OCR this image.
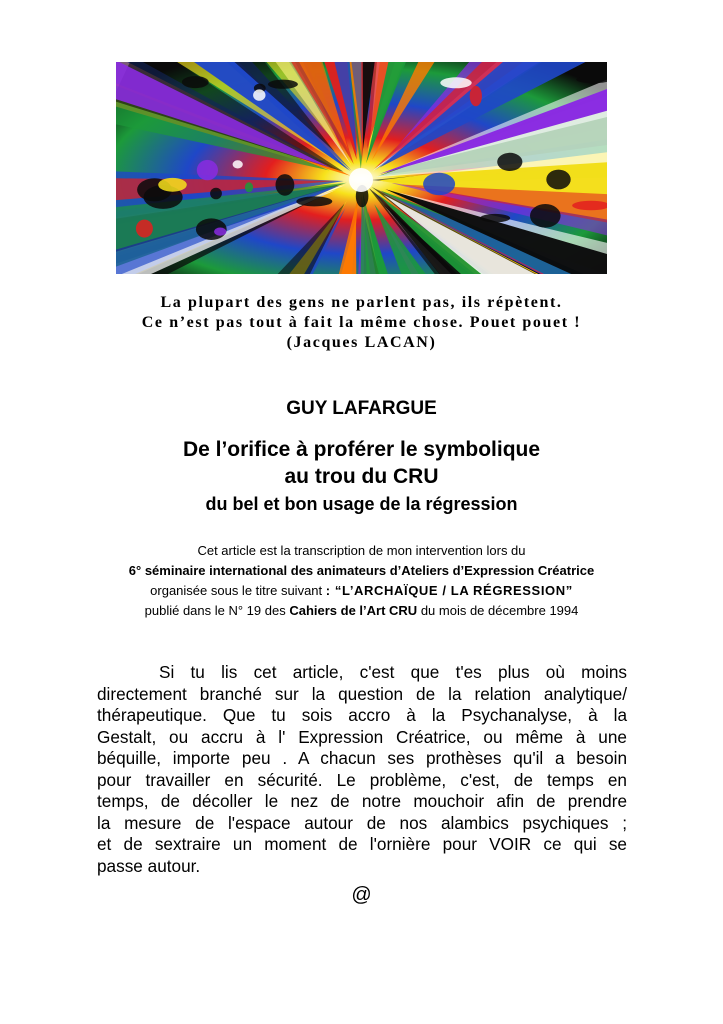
La plupart des gens ne parlent pas, ils répètent.
Ce n’est pas tout à fait la même chose. Pouet pouet !
(Jacques LACAN)
GUY LAFARGUE
De l’orifice à proférer le symbolique
au trou du CRU
du bel et bon usage de la régression
Cet article est la transcription de mon intervention lors du
6° séminaire international des animateurs d’Ateliers d’Expression Créatrice
organisée sous le titre suivant : “L’ARCHAÏQUE / LA RÉGRESSION”
publié dans le N° 19 des Cahiers de l’Art CRU du mois de décembre 1994
Si tu lis cet article, c'est que t'es plus où moins
directement branché sur la question de la relation analytique/
thérapeutique. Que tu sois accro à la Psychanalyse, à la
Gestalt, ou accru à l' Expression Créatrice, ou même à une
béquille, importe peu . A chacun ses prothèses qu'il a besoin
pour travailler en sécurité. Le problème, c'est, de temps en
temps, de décoller le nez de notre mouchoir afin de prendre
la mesure de l'espace autour de nos alambics psychiques ;
et de sextraire un moment de l'ornière pour VOIR ce qui se
passe autour.
@
